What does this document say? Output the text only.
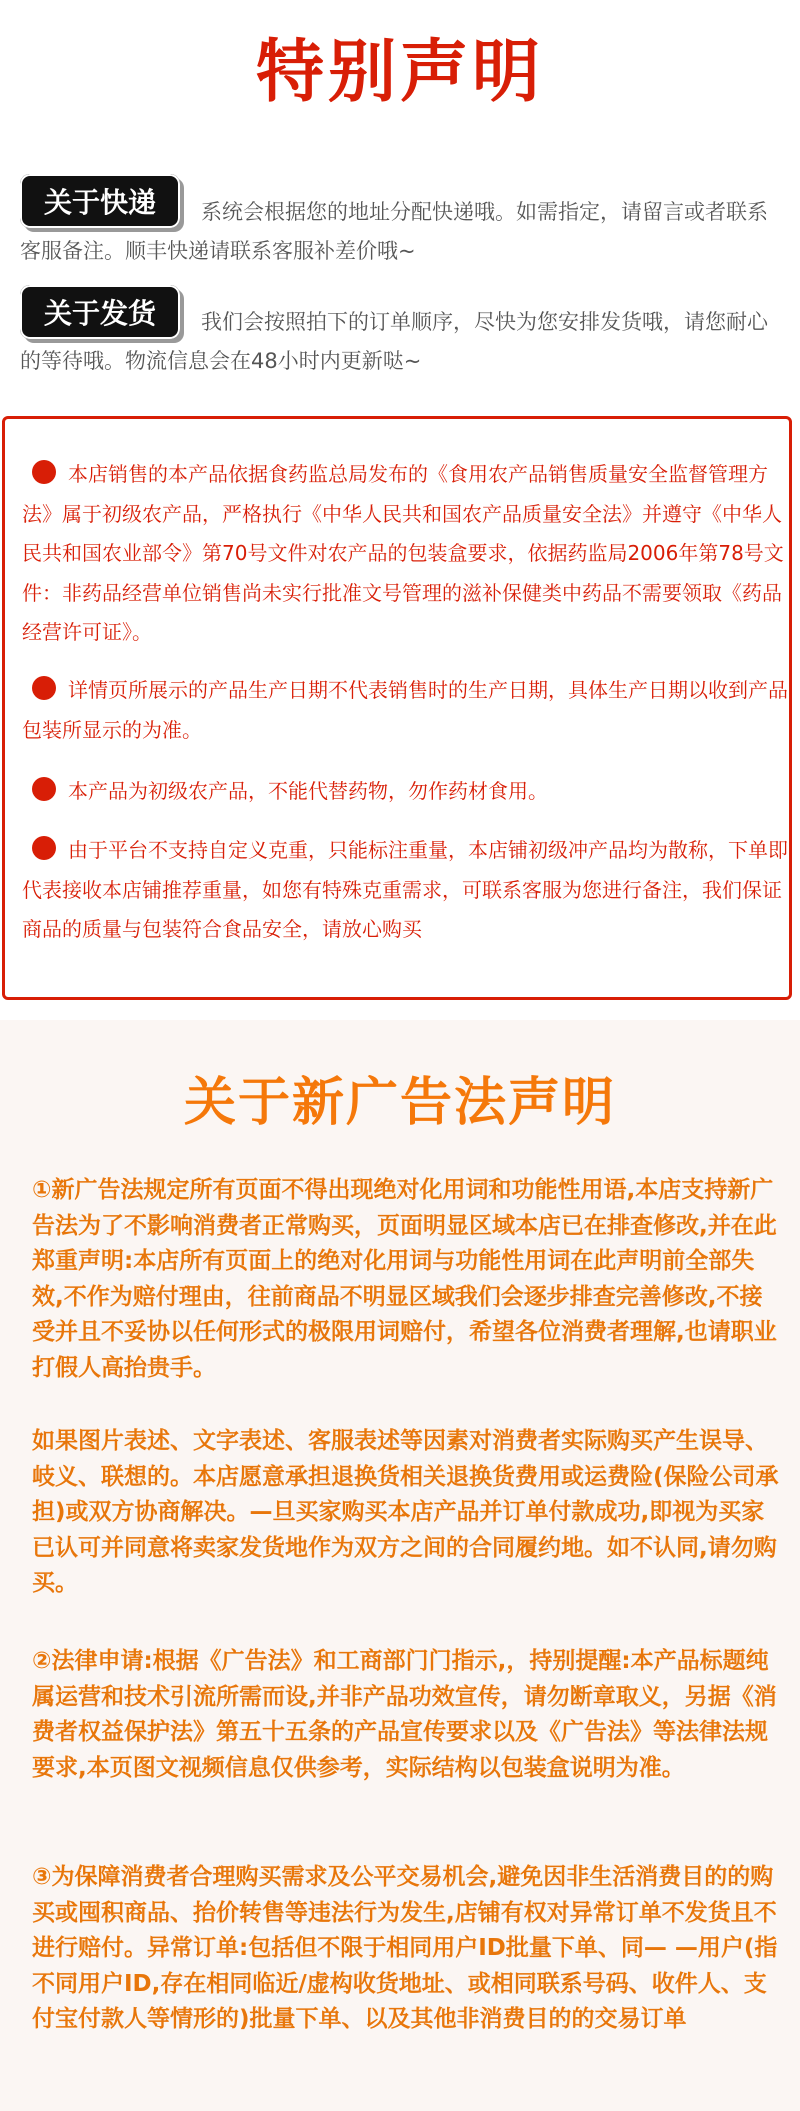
特别声明
关于快递	系统会根据您的地址分配快递哦。如需指定，请留言或者联系客服备注。顺丰快递请联系客服补差价哦~
关于发货	我们会按照拍下的订单顺序，尽快为您安排发货哦，请您耐心的等待哦。物流信息会在48小时内更新哒~
本店销售的本产品依据食药监总局发布的《食用农产品销售质量安全监督管理方法》属于初级农产品，严格执行《中华人民共和国农产品质量安全法》并遵守《中华人民共和国农业部令》第70号文件对农产品的包装盒要求，依据药监局2006年第78号文件：非药品经营单位销售尚未实行批准文号管理的滋补保健类中药品不需要领取《药品经营许可证》。
详情页所展示的产品生产日期不代表销售时的生产日期，具体生产日期以收到产品包装所显示的为准。
本产品为初级农产品，不能代替药物，勿作药材食用。
由于平台不支持自定义克重，只能标注重量，本店铺初级冲产品均为散称，下单即代表接收本店铺推荐重量，如您有特殊克重需求，可联系客服为您进行备注，我们保证商品的质量与包装符合食品安全，请放心购买
关于新广告法声明
①新广告法规定所有页面不得出现绝对化用词和功能性用语,本店支持新广告法为了不影响消费者正常购买，页面明显区域本店已在排查修改,并在此郑重声明:本店所有页面上的绝对化用词与功能性用词在此声明前全部失效,不作为赔付理由，往前商品不明显区域我们会逐步排查完善修改,不接受并且不妥协以任何形式的极限用词赔付，希望各位消费者理解,也请职业打假人高抬贵手。
如果图片表述、文字表述、客服表述等因素对消费者实际购买产生误导、岐义、联想的。本店愿意承担退换货相关退换货费用或运费险(保险公司承担)或双方协商解决。—旦买家购买本店产品并订单付款成功,即视为买家已认可并同意将卖家发货地作为双方之间的合同履约地。如不认同,请勿购买。
②法律申请:根据《广告法》和工商部门门指示,，持别提醒:本产品标题纯属运营和技术引流所需而设,并非产品功效宣传，请勿断章取义，另据《消费者权益保护法》第五十五条的产品宣传要求以及《广告法》等法律法规要求,本页图文视频信息仅供参考，实际结构以包装盒说明为准。
③为保障消费者合理购买需求及公平交易机会,避免因非生活消费目的的购买或囤积商品、抬价转售等违法行为发生,店铺有权对异常订单不发货且不进行赔付。异常订单:包括但不限于相同用户ID批量下单、同— —用户(指不同用户ID,存在相同临近/虚构收货地址、或相同联系号码、收件人、支付宝付款人等情形的)批量下单、以及其他非消费目的的交易订单
